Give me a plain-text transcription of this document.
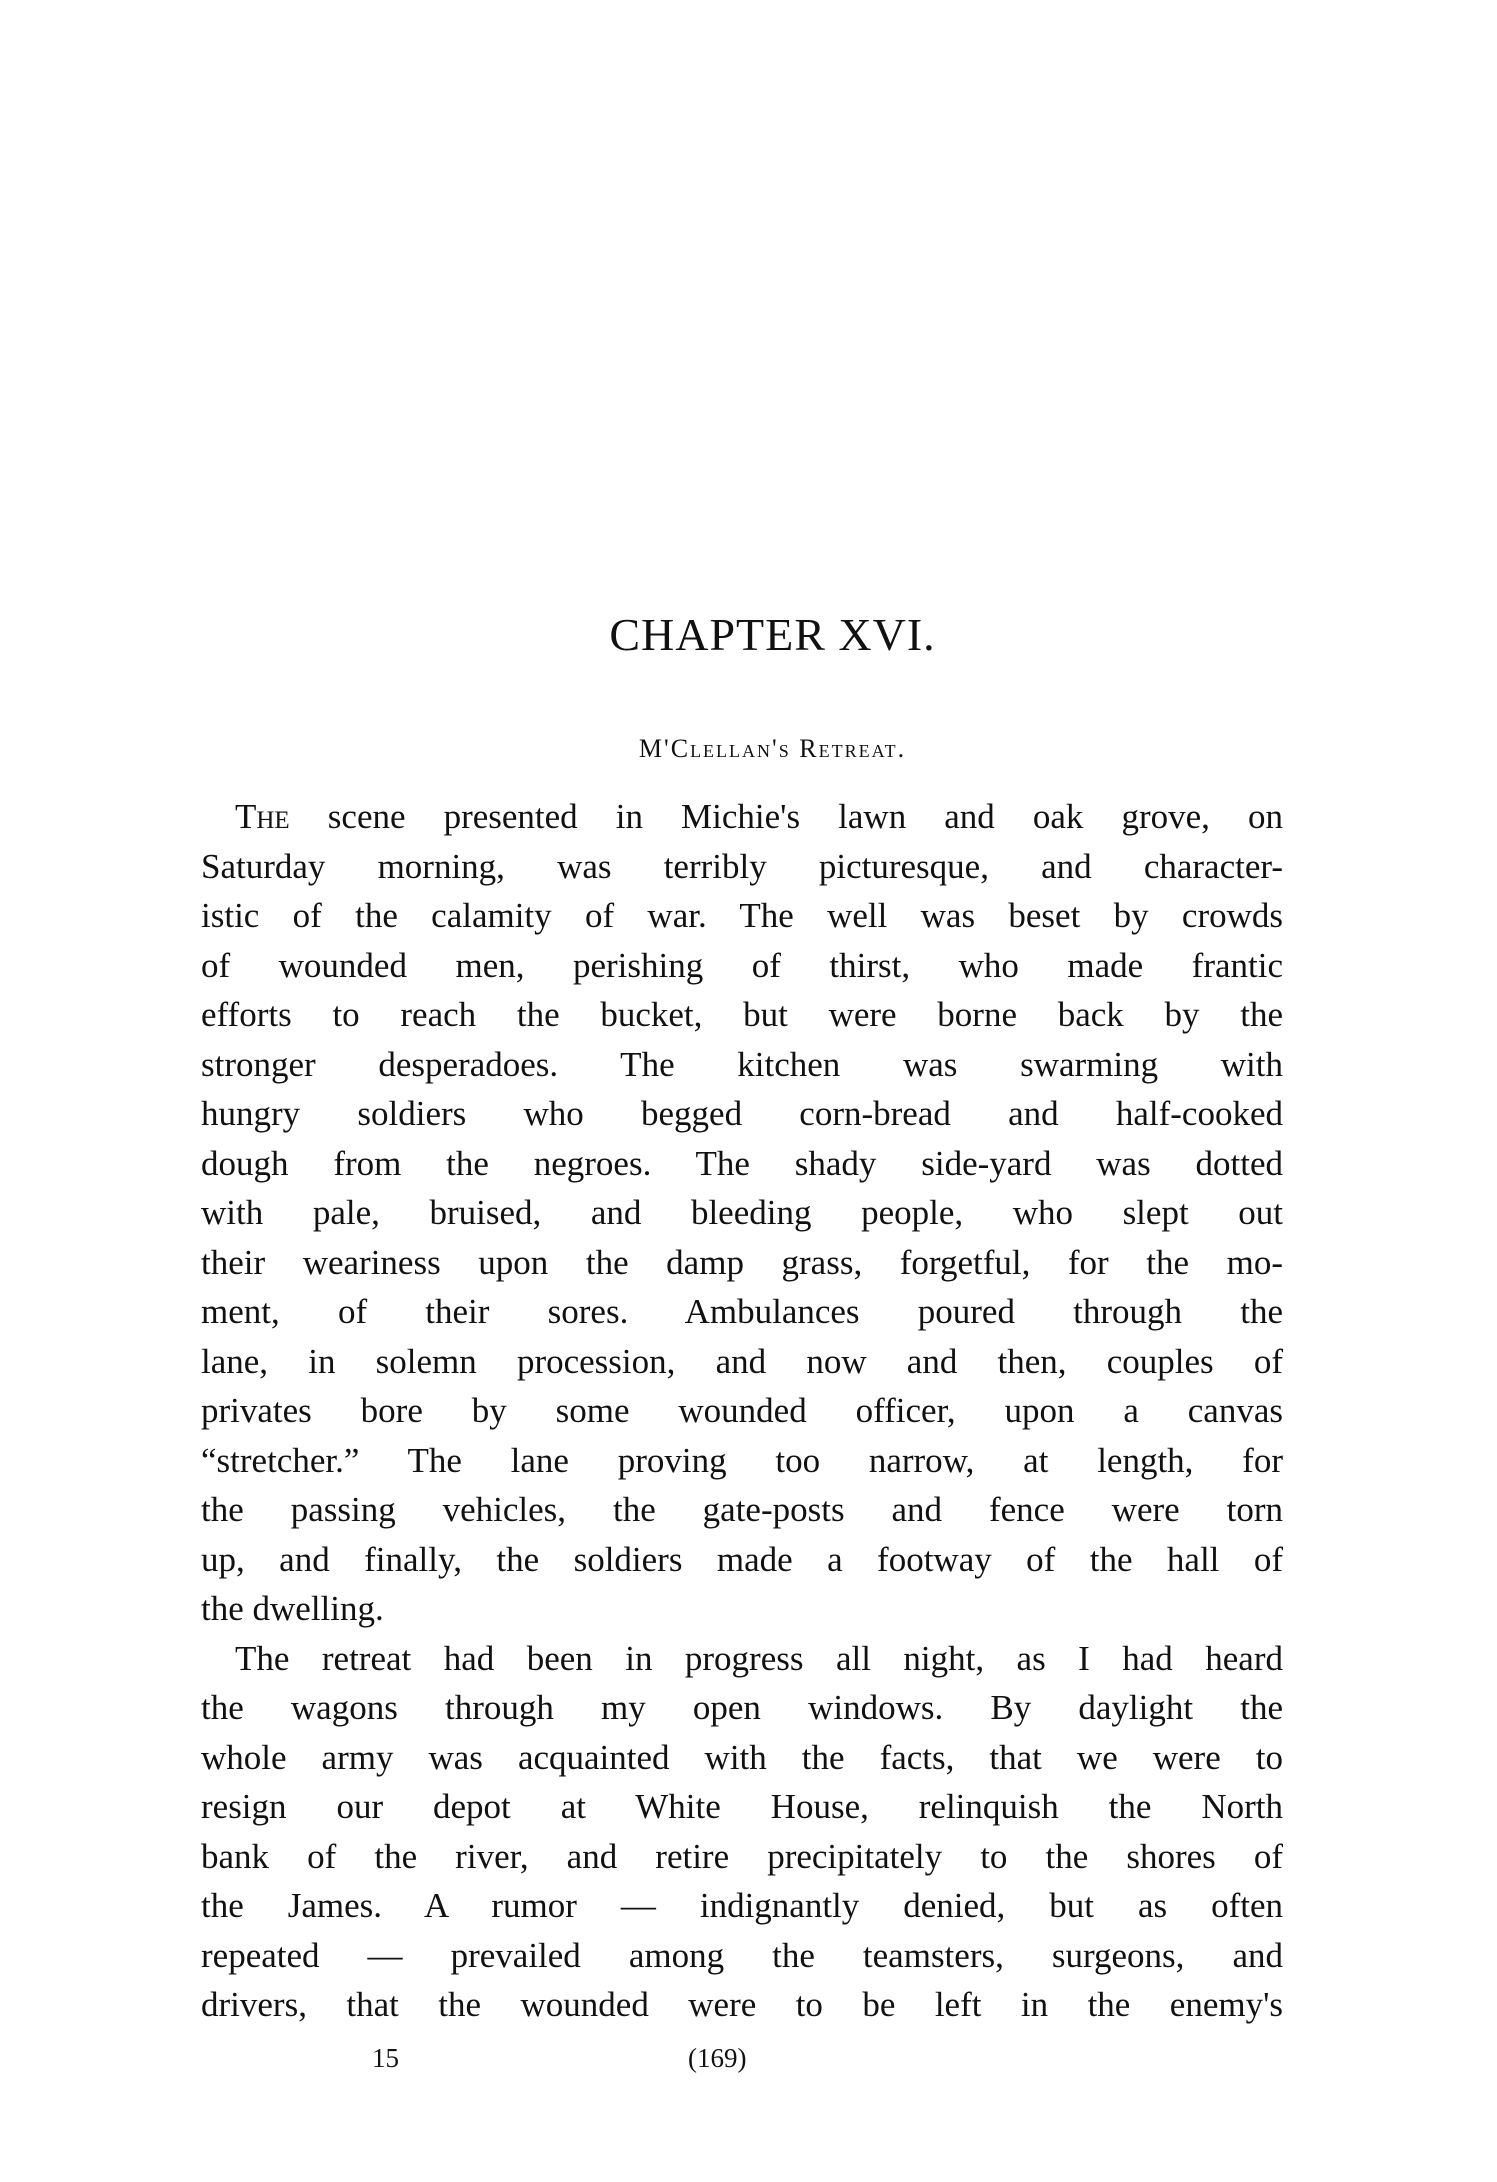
CHAPTER XVI.
M'Clellan's Retreat.
The scene presented in Michie's lawn and oak grove, on
Saturday morning, was terribly picturesque, and character-
istic of the calamity of war. The well was beset by crowds
of wounded men, perishing of thirst, who made frantic
efforts to reach the bucket, but were borne back by the
stronger desperadoes. The kitchen was swarming with
hungry soldiers who begged corn-bread and half-cooked
dough from the negroes. The shady side-yard was dotted
with pale, bruised, and bleeding people, who slept out
their weariness upon the damp grass, forgetful, for the mo-
ment, of their sores. Ambulances poured through the
lane, in solemn procession, and now and then, couples of
privates bore by some wounded officer, upon a canvas
“stretcher.” The lane proving too narrow, at length, for
the passing vehicles, the gate-posts and fence were torn
up, and finally, the soldiers made a footway of the hall of
the dwelling.
The retreat had been in progress all night, as I had heard
the wagons through my open windows. By daylight the
whole army was acquainted with the facts, that we were to
resign our depot at White House, relinquish the North
bank of the river, and retire precipitately to the shores of
the James. A rumor — indignantly denied, but as often
repeated — prevailed among the teamsters, surgeons, and
drivers, that the wounded were to be left in the enemy's
15	(169)
